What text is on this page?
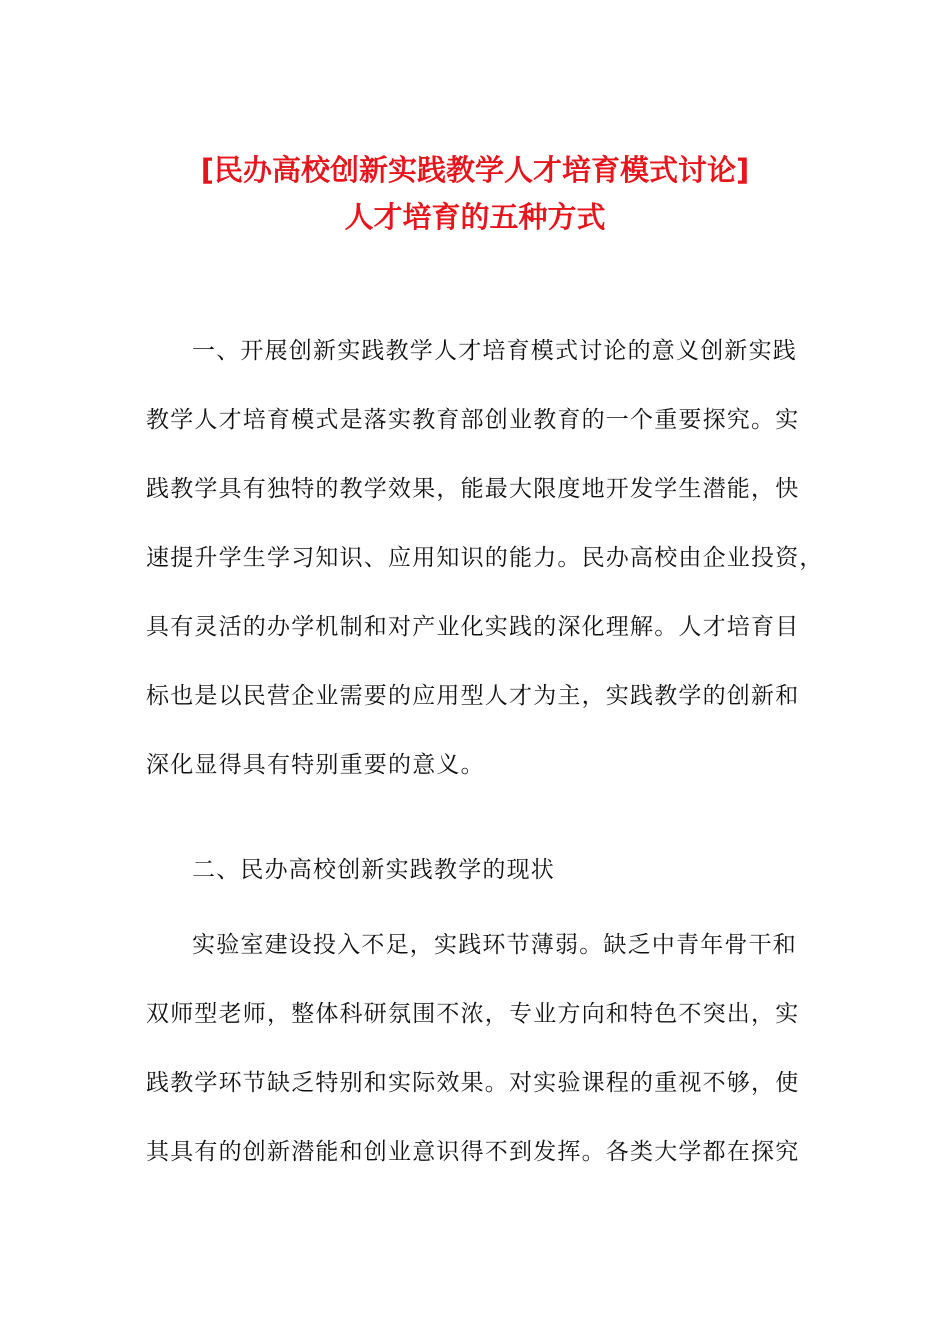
[民办高校创新实践教学人才培育模式讨论]
人才培育的五种方式
一、开展创新实践教学人才培育模式讨论的意义创新实践
教学人才培育模式是落实教育部创业教育的一个重要探究。实
践教学具有独特的教学效果，能最大限度地开发学生潜能，快
速提升学生学习知识、应用知识的能力。民办高校由企业投资，
具有灵活的办学机制和对产业化实践的深化理解。人才培育目
标也是以民营企业需要的应用型人才为主，实践教学的创新和
深化显得具有特别重要的意义。
二、民办高校创新实践教学的现状
实验室建设投入不足，实践环节薄弱。缺乏中青年骨干和
双师型老师，整体科研氛围不浓，专业方向和特色不突出，实
践教学环节缺乏特别和实际效果。对实验课程的重视不够，使
其具有的创新潜能和创业意识得不到发挥。各类大学都在探究
